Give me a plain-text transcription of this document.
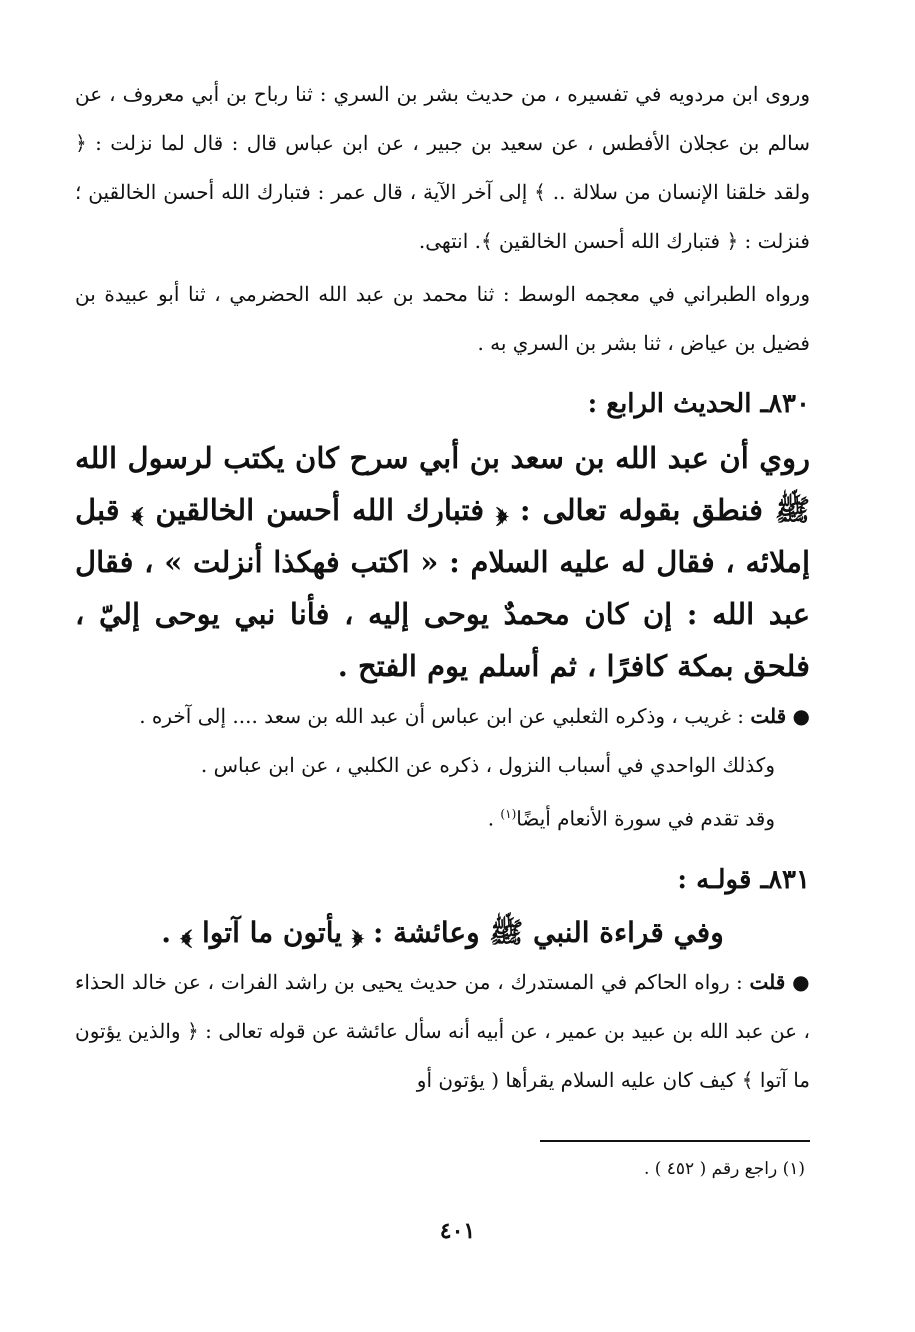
وروى ابن مردويه في تفسيره ، من حديث بشر بن السري : ثنا رباح بن أبي معروف ، عن سالم بن عجلان الأفطس ، عن سعيد بن جبير ، عن ابن عباس قال : قال لما نزلت : ﴿ ولقد خلقنا الإنسان من سلالة .. ﴾ إلى آخر الآية ، قال عمر : فتبارك الله أحسن الخالقين ؛ فنزلت : ﴿ فتبارك الله أحسن الخالقين ﴾. انتهى.

ورواه الطبراني في معجمه الوسط : ثنا محمد بن عبد الله الحضرمي ، ثنا أبو عبيدة بن فضيل بن عياض ، ثنا بشر بن السري به .

٨٣٠ـ الحديث الرابع :

روي أن عبد الله بن سعد بن أبي سرح كان يكتب لرسول الله ﷺ فنطق بقوله تعالى : ﴿ فتبارك الله أحسن الخالقين ﴾ قبل إملائه ، فقال له عليه السلام : « اكتب فهكذا أنزلت » ، فقال عبد الله : إن كان محمدٌ يوحى إليه ، فأنا نبي يوحى إليّ ، فلحق بمكة كافرًا ، ثم أسلم يوم الفتح .

● قلت : غريب ، وذكره الثعلبي عن ابن عباس أن عبد الله بن سعد .... إلى آخره .

وكذلك الواحدي في أسباب النزول ، ذكره عن الكلبي ، عن ابن عباس .

وقد تقدم في سورة الأنعام أيضًا$^{(١)}$ .

٨٣١ـ قولـه :

وفي قراءة النبي ﷺ وعائشة : ﴿ يأتون ما آتوا ﴾ .

● قلت : رواه الحاكم في المستدرك ، من حديث يحيى بن راشد الفرات ، عن خالد الحذاء ، عن عبد الله بن عبيد بن عمير ، عن أبيه أنه سأل عائشة عن قوله تعالى : ﴿ والذين يؤتون ما آتوا ﴾ كيف كان عليه السلام يقرأها ( يؤتون أو

(١) راجع رقم ( ٤٥٢ ) .
٤٠١
